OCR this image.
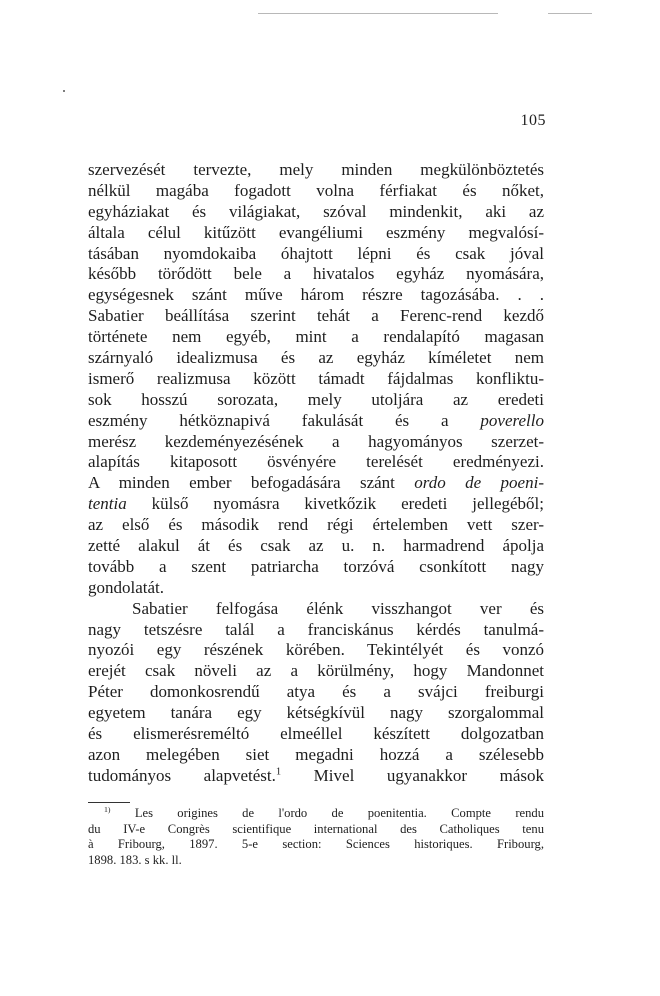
105
szervezését tervezte, mely minden megkülönböztetés
nélkül magába fogadott volna férfiakat és nőket,
egyháziakat és világiakat, szóval mindenkit, aki az
általa célul kitűzött evangéliumi eszmény megvalósí-
tásában nyomdokaiba óhajtott lépni és csak jóval
később törődött bele a hivatalos egyház nyomására,
egységesnek szánt műve három részre tagozásába. . .
Sabatier beállítása szerint tehát a Ferenc-rend kezdő
története nem egyéb, mint a rendalapító magasan
szárnyaló idealizmusa és az egyház kíméletet nem
ismerő realizmusa között támadt fájdalmas konfliktu-
sok hosszú sorozata, mely utoljára az eredeti
eszmény hétköznapivá fakulását és a poverello
merész kezdeményezésének a hagyományos szerzet-
alapítás kitaposott ösvényére terelését eredményezi.
A minden ember befogadására szánt ordo de poeni-
tentia külső nyomásra kivetkőzik eredeti jellegéből;
az első és második rend régi értelemben vett szer-
zetté alakul át és csak az u. n. harmadrend ápolja
tovább a szent patriarcha torzóvá csonkított nagy
gondolatát.
Sabatier felfogása élénk visszhangot ver és
nagy tetszésre talál a franciskánus kérdés tanulmá-
nyozói egy részének körében. Tekintélyét és vonzó
erejét csak növeli az a körülmény, hogy Mandonnet
Péter domonkosrendű atya és a svájci freiburgi
egyetem tanára egy kétségkívül nagy szorgalommal
és elismerésreméltó elmeéllel készített dolgozatban
azon melegében siet megadni hozzá a szélesebb
tudományos alapvetést.$^1$ Mivel ugyanakkor mások
$^{1)}$ Les origines de l'ordo de poenitentia. Compte rendu
du IV-e Congrès scientifique international des Catholiques tenu
à Fribourg, 1897. 5-e section: Sciences historiques. Fribourg,
1898. 183. s kk. ll.
